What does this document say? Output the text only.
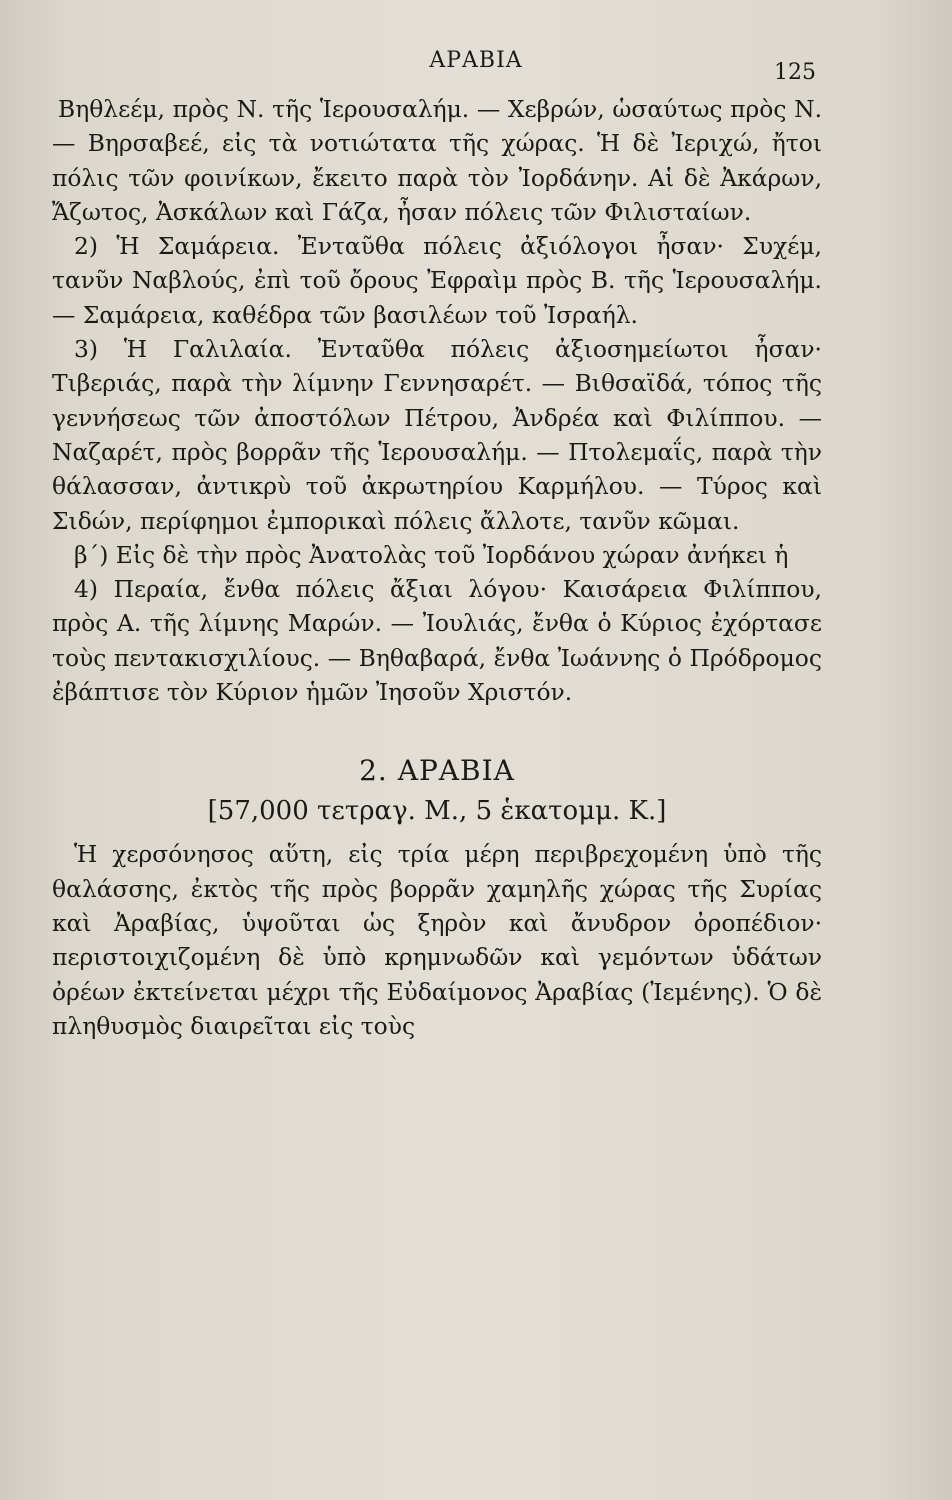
ΑΡΑΒΙΑ	125

Βηθλεέμ, πρὸς Ν. τῆς Ἱερουσαλήμ. — Χεβρών, ὡσαύτως πρὸς Ν. — Βηρσαβεέ, εἰς τὰ νοτιώτατα τῆς χώρας. Ἡ δὲ Ἰεριχώ, ἤτοι πόλις τῶν φοινίκων, ἔκειτο παρὰ τὸν Ἰορδάνην. Αἱ δὲ Ἀκάρων, Ἄζωτος, Ἀσκάλων καὶ Γάζα, ἦσαν πόλεις τῶν Φιλισταίων.

2) Ἡ Σαμάρεια. Ἐνταῦθα πόλεις ἀξιόλογοι ἦσαν· Συχέμ, τανῦν Ναβλούς, ἐπὶ τοῦ ὄρους Ἐφραὶμ πρὸς Β. τῆς Ἱερουσαλήμ. — Σαμάρεια, καθέδρα τῶν βασιλέων τοῦ Ἰσραήλ.

3) Ἡ Γαλιλαία. Ἐνταῦθα πόλεις ἀξιοσημείωτοι ἦσαν· Τιβεριάς, παρὰ τὴν λίμνην Γεννησαρέτ. — Βιθσαϊδά, τόπος τῆς γεννήσεως τῶν ἀποστόλων Πέτρου, Ἀνδρέα καὶ Φιλίππου. — Ναζαρέτ, πρὸς βορρᾶν τῆς Ἱερουσαλήμ. — Πτολεμαΐς, παρὰ τὴν θάλασσαν, ἀντικρὺ τοῦ ἀκρωτηρίου Καρμήλου. — Τύρος καὶ Σιδών, περίφημοι ἐμπορικαὶ πόλεις ἄλλοτε, τανῦν κῶμαι.

β´) Εἰς δὲ τὴν πρὸς Ἀνατολὰς τοῦ Ἰορδάνου χώραν ἀνήκει ἡ

4) Περαία, ἔνθα πόλεις ἄξιαι λόγου· Καισάρεια Φιλίππου, πρὸς Α. τῆς λίμνης Μαρών. — Ἰουλιάς, ἔνθα ὁ Κύριος ἐχόρτασε τοὺς πεντακισχιλίους. — Βηθαβαρά, ἔνθα Ἰωάννης ὁ Πρόδρομος ἐβάπτισε τὸν Κύριον ἡμῶν Ἰησοῦν Χριστόν.

2. ΑΡΑΒΙΑ
[57,000 τετραγ. Μ., 5 ἑκατομμ. Κ.]

Ἡ χερσόνησος αὕτη, εἰς τρία μέρη περιβρεχομένη ὑπὸ τῆς θαλάσσης, ἐκτὸς τῆς πρὸς βορρᾶν χαμηλῆς χώρας τῆς Συρίας καὶ Ἀραβίας, ὑψοῦται ὡς ξηρὸν καὶ ἄνυδρον ὀροπέδιον· περιστοιχιζομένη δὲ ὑπὸ κρημνωδῶν καὶ γεμόντων ὑδάτων ὀρέων ἐκτείνεται μέχρι τῆς Εὐδαίμονος Ἀραβίας (Ἰεμένης). Ὁ δὲ πληθυσμὸς διαιρεῖται εἰς τοὺς
